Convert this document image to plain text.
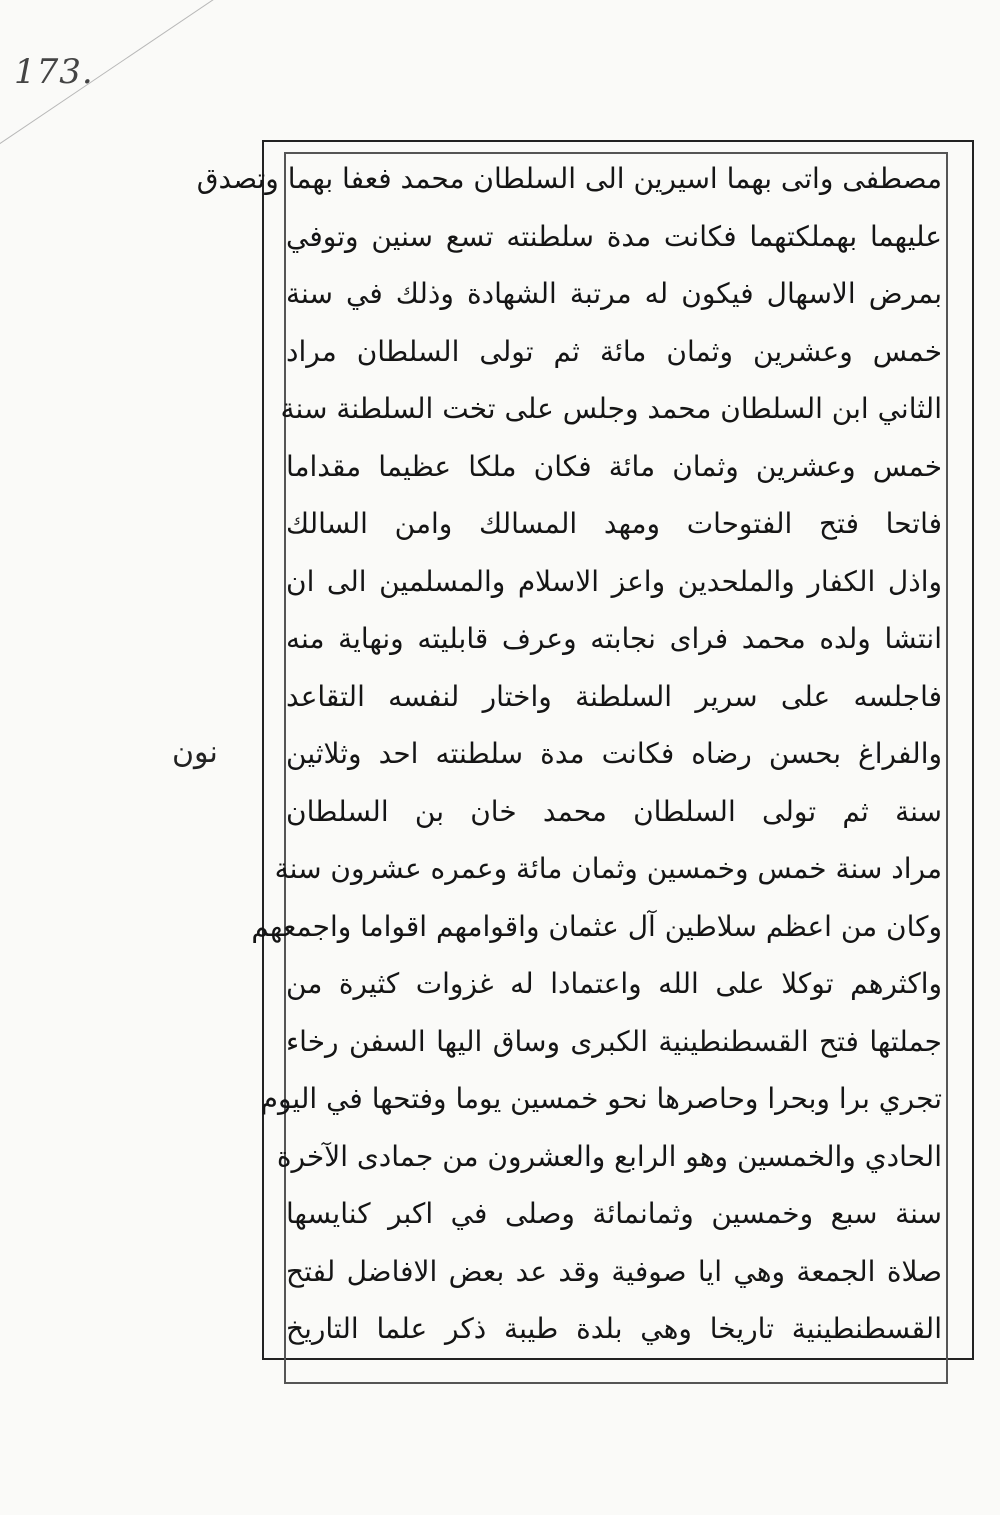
173.
نون
مصطفى واتى بهما اسيرين الى السلطان محمد فعفا بهما وتصدق
عليهما بهملكتهما فكانت مدة سلطنته تسع سنين وتوفي
بمرض الاسهال فيكون له مرتبة الشهادة وذلك في سنة
خمس وعشرين وثمان مائة ثم تولى السلطان مراد
الثاني ابن السلطان محمد وجلس على تخت السلطنة سنة
خمس وعشرين وثمان مائة فكان ملكا عظيما مقداما
فاتحا فتح الفتوحات ومهد المسالك وامن السالك
واذل الكفار والملحدين واعز الاسلام والمسلمين الى ان
انتشا ولده محمد فراى نجابته وعرف قابليته ونهاية منه
فاجلسه على سرير السلطنة واختار لنفسه التقاعد
والفراغ بحسن رضاه فكانت مدة سلطنته احد وثلاثين
سنة ثم تولى السلطان محمد خان بن السلطان
مراد سنة خمس وخمسين وثمان مائة وعمره عشرون سنة
وكان من اعظم سلاطين آل عثمان واقوامهم اقواما واجمعهم
واكثرهم توكلا على الله واعتمادا له غزوات كثيرة من
جملتها فتح القسطنطينية الكبرى وساق اليها السفن رخاء
تجري برا وبحرا وحاصرها نحو خمسين يوما وفتحها في اليوم
الحادي والخمسين وهو الرابع والعشرون من جمادى الآخرة
سنة سبع وخمسين وثمانمائة وصلى في اكبر كنايسها
صلاة الجمعة وهي ايا صوفية وقد عد بعض الافاضل لفتح
القسطنطينية تاريخا وهي بلدة طيبة ذكر علما التاريخ
